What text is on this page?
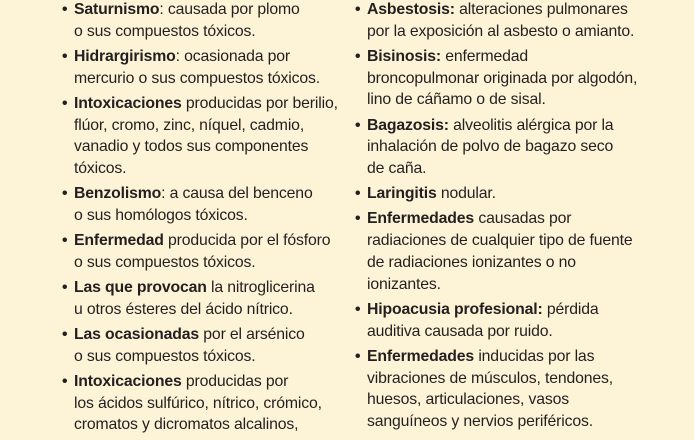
• Saturnismo: causada por plomo
o sus compuestos tóxicos.
• Hidrargirismo: ocasionada por
mercurio o sus compuestos tóxicos.
• Intoxicaciones producidas por berilio,
flúor, cromo, zinc, níquel, cadmio,
vanadio y todos sus componentes
tóxicos.
• Benzolismo: a causa del benceno
o sus homólogos tóxicos.
• Enfermedad producida por el fósforo
o sus compuestos tóxicos.
• Las que provocan la nitroglicerina
u otros ésteres del ácido nítrico.
• Las ocasionadas por el arsénico
o sus compuestos tóxicos.
• Intoxicaciones producidas por
los ácidos sulfúrico, nítrico, crómico,
cromatos y dicromatos alcalinos,
• Asbestosis: alteraciones pulmonares
por la exposición al asbesto o amianto.
• Bisinosis: enfermedad
broncopulmonar originada por algodón,
lino de cáñamo o de sisal.
• Bagazosis: alveolitis alérgica por la
inhalación de polvo de bagazo seco
de caña.
• Laringitis nodular.
• Enfermedades causadas por
radiaciones de cualquier tipo de fuente
de radiaciones ionizantes o no
ionizantes.
• Hipoacusia profesional: pérdida
auditiva causada por ruido.
• Enfermedades inducidas por las
vibraciones de músculos, tendones,
huesos, articulaciones, vasos
sanguíneos y nervios periféricos.
